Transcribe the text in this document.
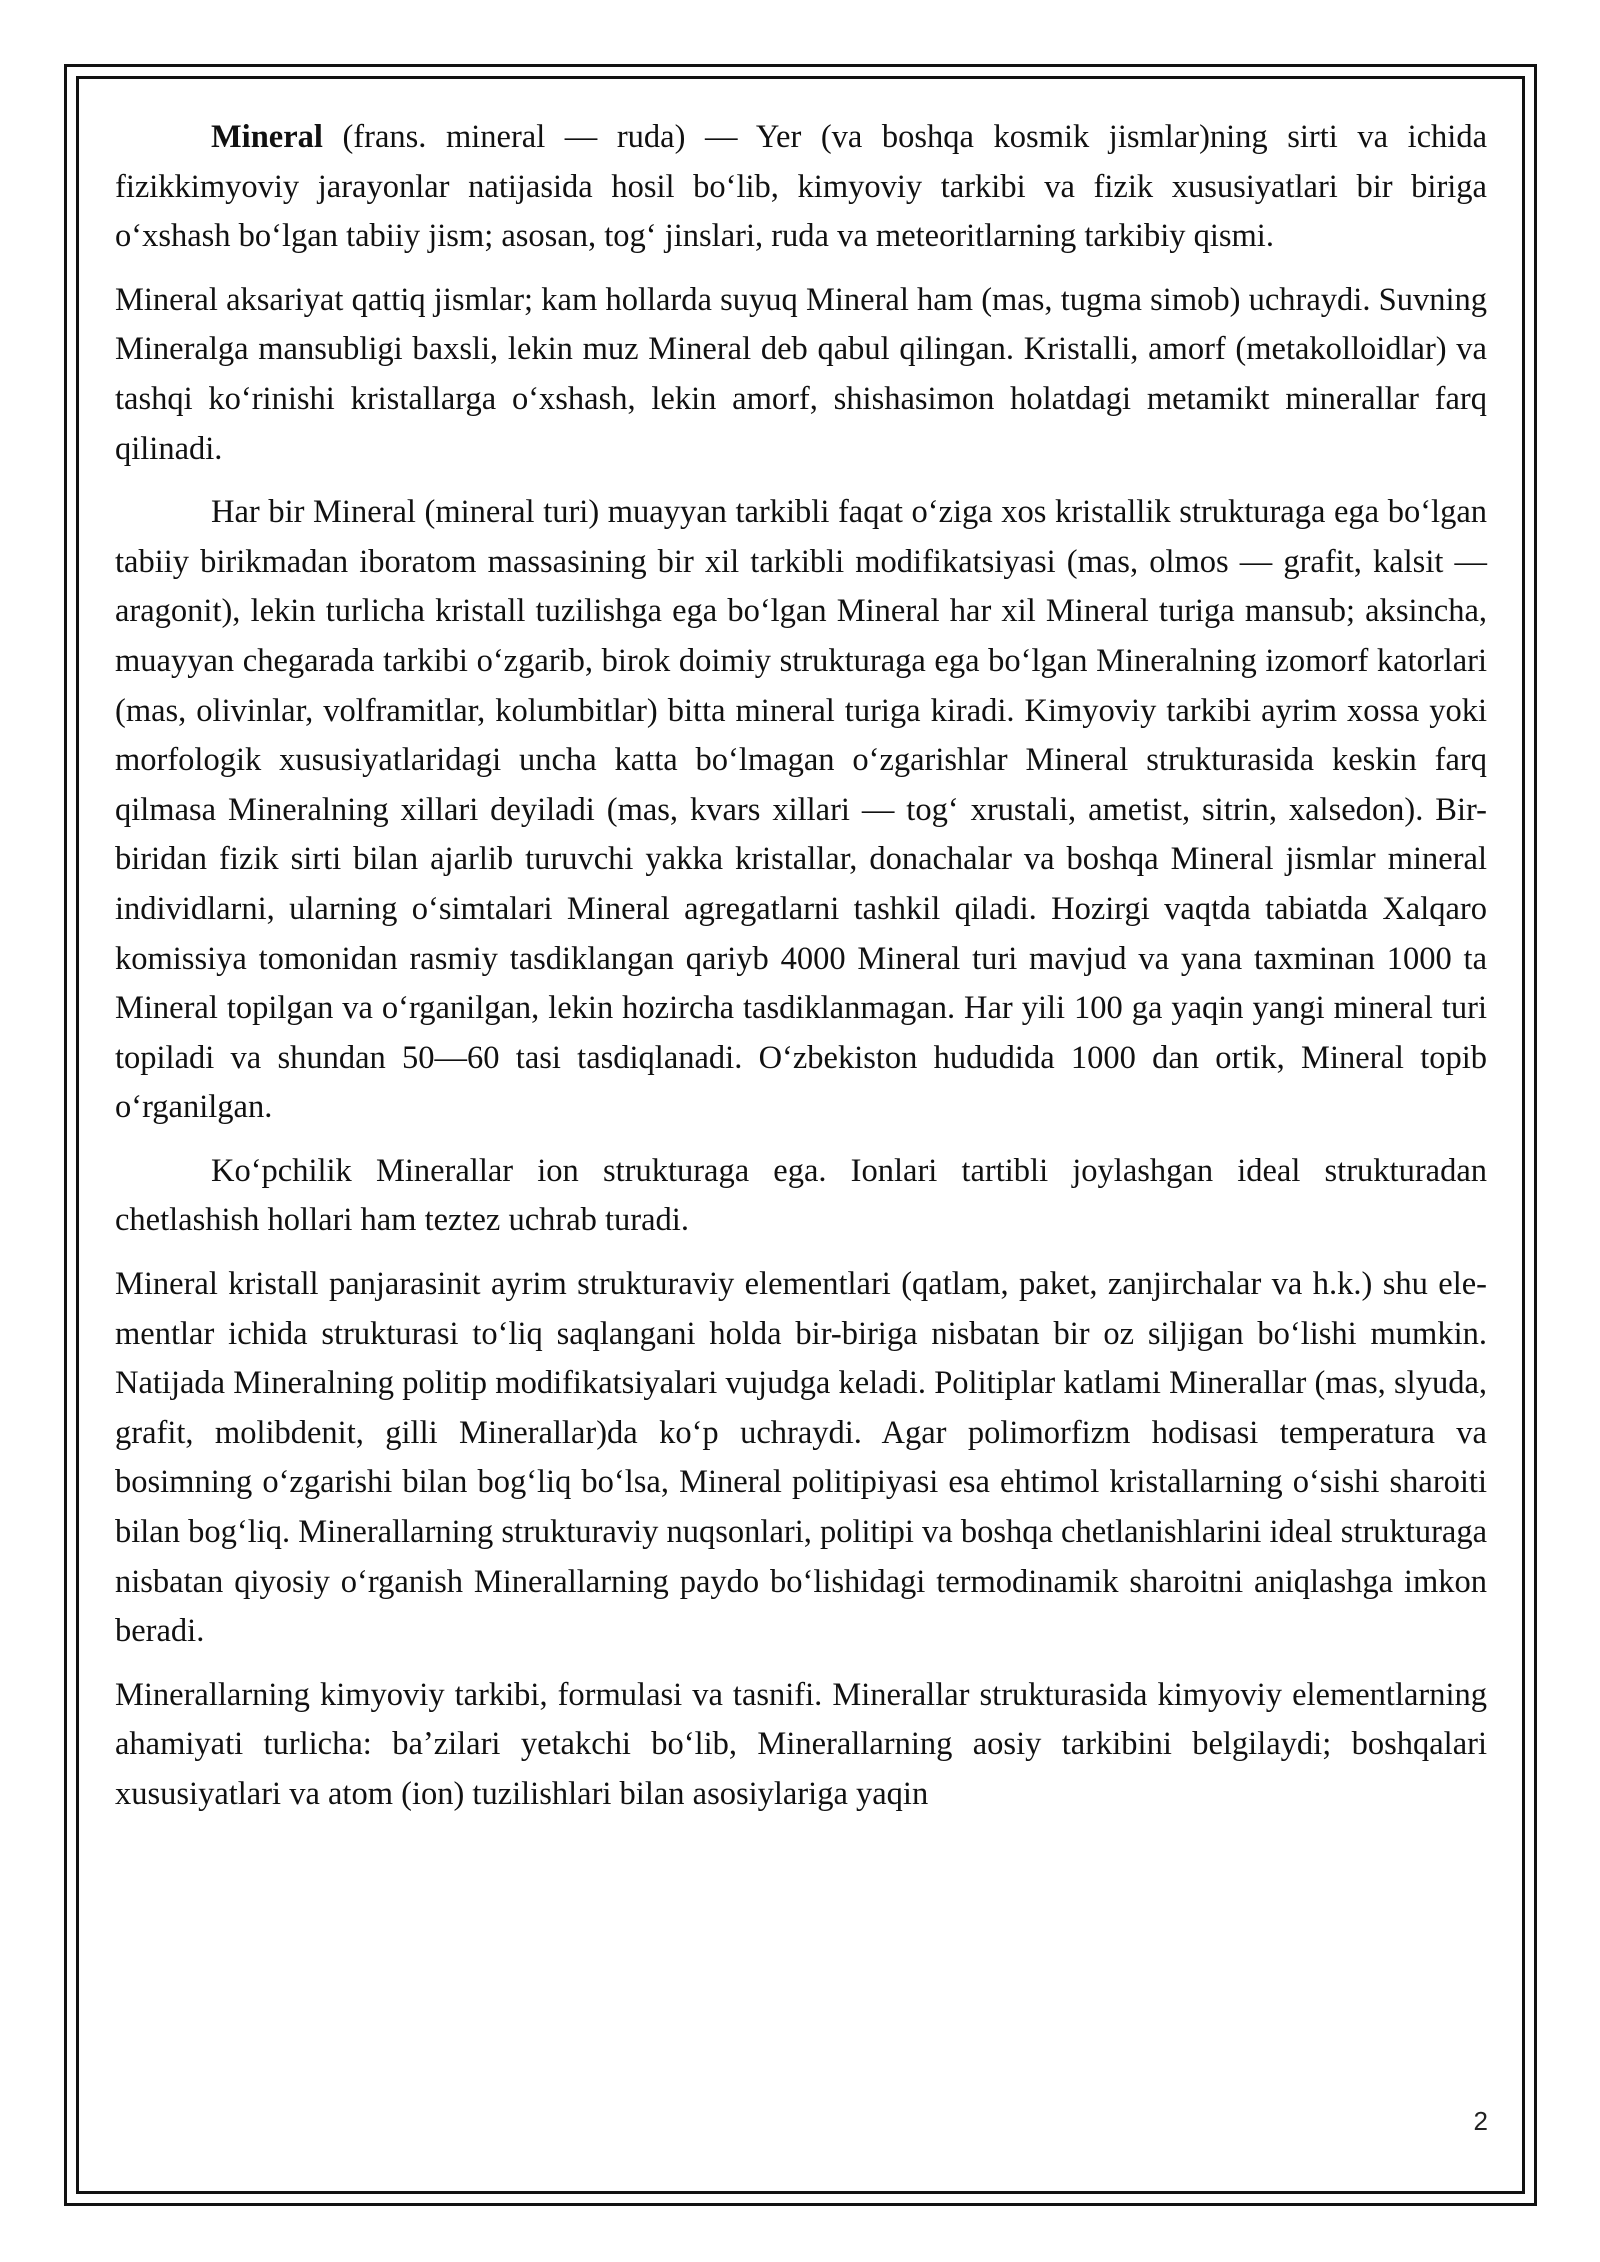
Mineral (frans. mineral — ruda) — Yer (va boshqa kosmik jismlar)ning sirti va ichida fizikkimyoviy jarayonlar natijasida hosil boʻlib, kimyoviy tarkibi va fizik xususiyatlari bir biriga oʻxshash boʻlgan tabiiy jism; asosan, togʻ jinslari, ruda va meteoritlarning tarkibiy qismi.

Mineral aksariyat qattiq jismlar; kam hollarda suyuq Mineral ham (mas, tugma simob) uchraydi. Suvning Mineralga mansubligi baxsli, lekin muz Mineral deb qabul qilingan. Kristalli, amorf (metakolloidlar) va tashqi koʻrinishi kristallarga oʻxshash, lekin amorf, shishasimon holatdagi metamikt minerallar farq qilinadi.

Har bir Mineral (mineral turi) muayyan tarkibli faqat oʻziga xos kristallik strukturaga ega boʻlgan tabiiy birikmadan iboratom massasining bir xil tarkibli modifikatsiyasi (mas, olmos — grafit, kalsit — aragonit), lekin turlicha kristall tuzilishga ega boʻlgan Mineral har xil Mineral turiga mansub; aksincha, muayyan chegarada tarkibi oʻzgarib, birok doimiy strukturaga ega boʻlgan Mineralning izomorf katorlari (mas, olivinlar, volframitlar, kolumbitlar) bitta mineral turiga kiradi. Kimyoviy tarkibi ayrim xossa yoki morfologik xususiyatlaridagi uncha katta boʻlmagan oʻzgarishlar Mineral strukturasida keskin farq qilmasa Mineralning xillari deyiladi (mas, kvars xillari — togʻ xrustali, ametist, sitrin, xalsedon). Bir-biridan fizik sirti bilan ajarlib turuvchi yakka kristallar, donachalar va boshqa Mineral jismlar mineral individlarni, ularning oʻsimtalari Mineral agregatlarni tashkil qiladi. Hozirgi vaqtda tabiatda Xalqaro komissiya tomonidan rasmiy tasdiklangan qariyb 4000 Mineral turi mavjud va yana taxminan 1000 ta Mineral topilgan va oʻrganilgan, lekin hozircha tasdiklanmagan. Har yili 100 ga yaqin yangi mineral turi topiladi va shundan 50—60 tasi tasdiqlanadi. Oʻzbekiston hududida 1000 dan ortik, Mineral topib oʻrganilgan.

Koʻpchilik Minerallar ion strukturaga ega. Ionlari tartibli joylashgan ideal strukturadan chetlashish hollari ham teztez uchrab turadi.

Mineral kristall panjarasinit ayrim strukturaviy elementlari (qatlam, paket, zanjirchalar va h.k.) shu ele-mentlar ichida strukturasi toʻliq saqlangani holda bir-biriga nisbatan bir oz siljigan boʻlishi mumkin. Natijada Mineralning politip modifikatsiyalari vujudga keladi. Politiplar katlami Minerallar (mas, slyuda, grafit, molibdenit, gilli Minerallar)da koʻp uchraydi. Agar polimorfizm hodisasi temperatura va bosimning oʻzgarishi bilan bogʻliq boʻlsa, Mineral politipiyasi esa ehtimol kristallarning oʻsishi sharoiti bilan bogʻliq. Minerallarning strukturaviy nuqsonlari, politipi va boshqa chetlanishlarini ideal strukturaga nisbatan qiyosiy oʻrganish Minerallarning paydo boʻlishidagi termodinamik sharoitni aniqlashga imkon beradi.

Minerallarning kimyoviy tarkibi, formulasi va tasnifi. Minerallar strukturasida kimyoviy elementlarning ahamiyati turlicha: baʼzilari yetakchi boʻlib, Minerallarning aosiy tarkibini belgilaydi; boshqalari xususiyatlari va atom (ion) tuzilishlari bilan asosiylariga yaqin

2
